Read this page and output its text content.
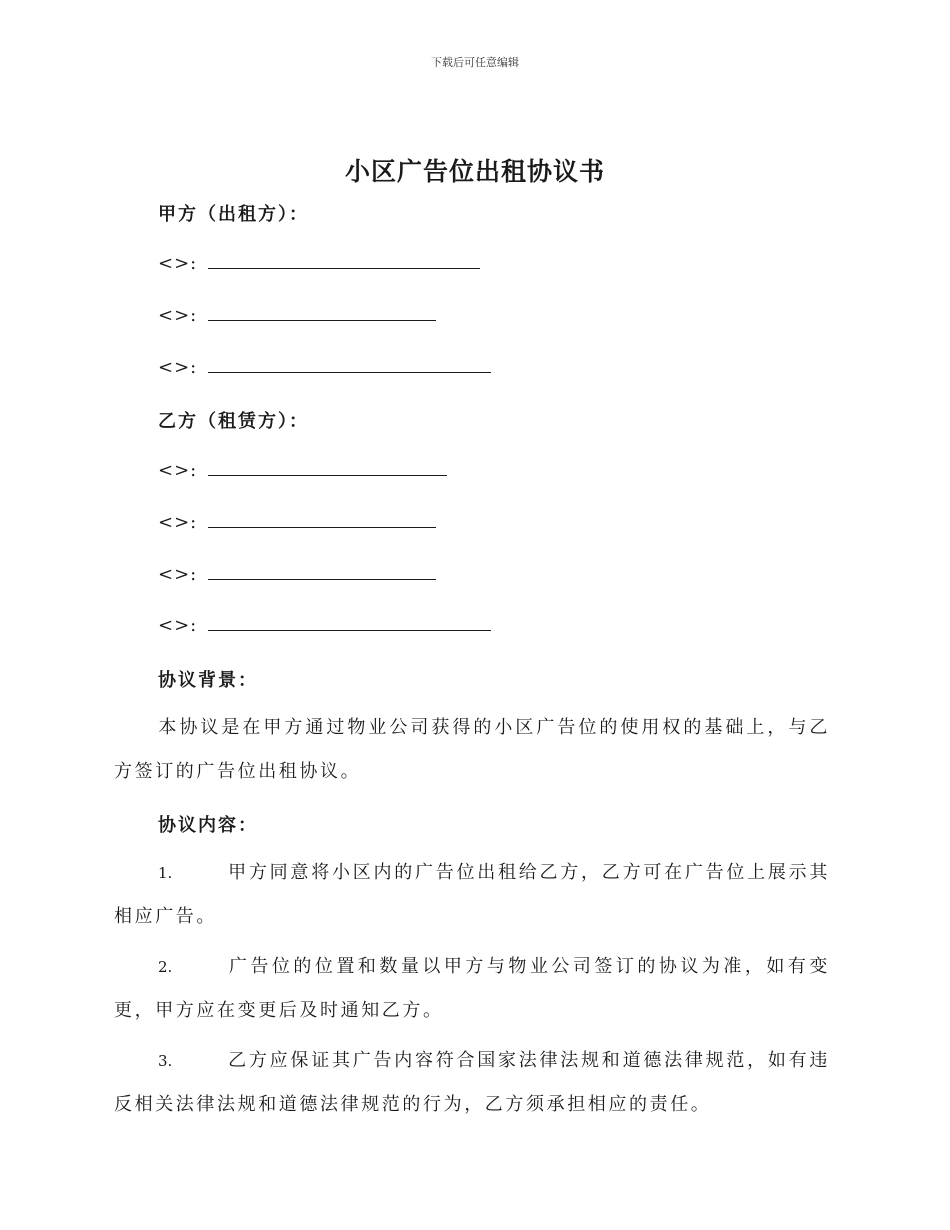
下载后可任意编辑
小区广告位出租协议书
甲方（出租方）：
<>:
<>:
<>:
乙方（租赁方）：
<>:
<>:
<>:
<>:
协议背景：
本协议是在甲方通过物业公司获得的小区广告位的使用权的基础上，与乙方签订的广告位出租协议。
协议内容：
1.	甲方同意将小区内的广告位出租给乙方，乙方可在广告位上展示其相应广告。
2.	广告位的位置和数量以甲方与物业公司签订的协议为准，如有变更，甲方应在变更后及时通知乙方。
3.	乙方应保证其广告内容符合国家法律法规和道德法律规范，如有违反相关法律法规和道德法律规范的行为，乙方须承担相应的责任。
